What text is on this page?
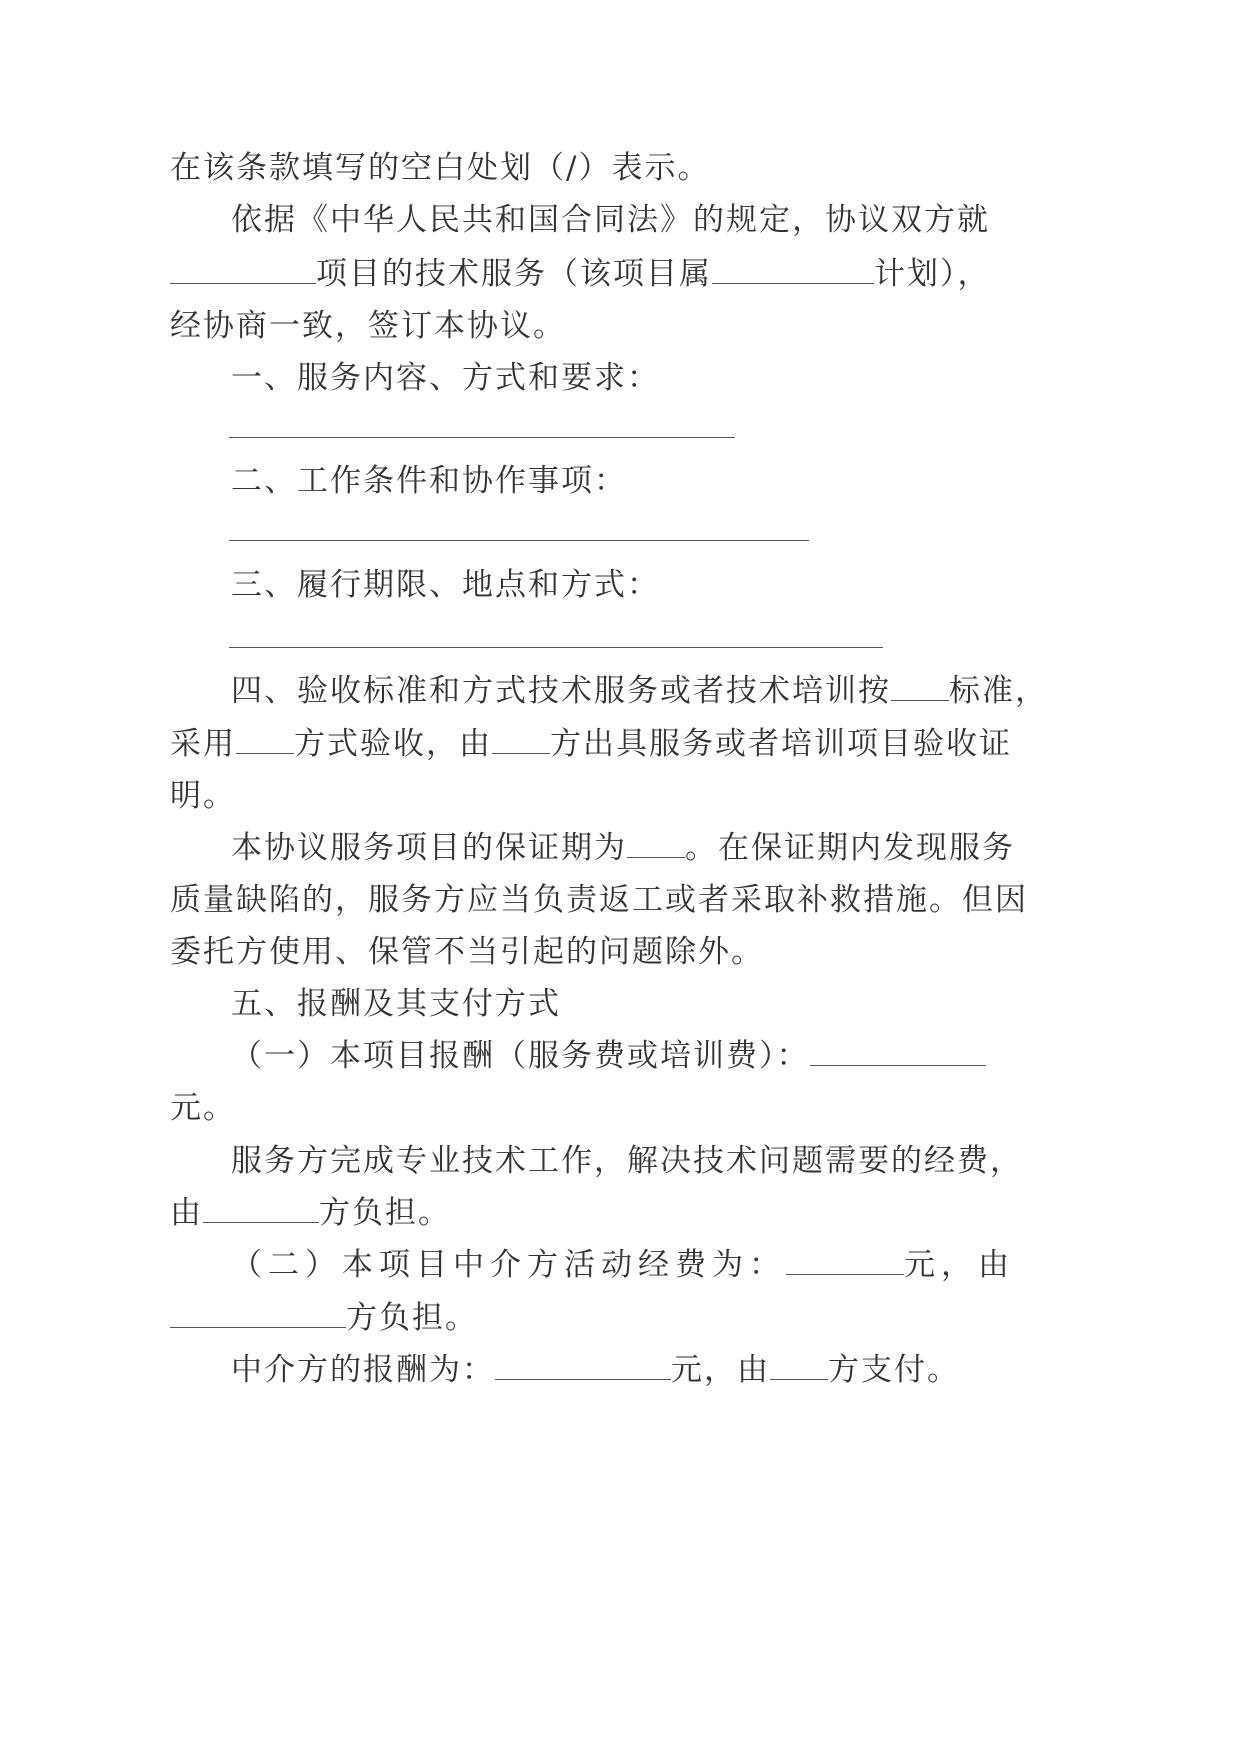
在该条款填写的空白处划（/）表示。
依据《中华人民共和国合同法》的规定，协议双方就
项目的技术服务（该项目属	计划），
经协商一致，签订本协议。
一、服务内容、方式和要求：
二、工作条件和协作事项：
三、履行期限、地点和方式：
四、验收标准和方式技术服务或者技术培训按 标准，
采用 方式验收，由 方出具服务或者培训项目验收证
明。
本协议服务项目的保证期为 。在保证期内发现服务
质量缺陷的，服务方应当负责返工或者采取补救措施。但因
委托方使用、保管不当引起的问题除外。
五、报酬及其支付方式
（一）本项目报酬（服务费或培训费）：
元。
服务方完成专业技术工作，解决技术问题需要的经费，
由	方负担。
（二）本项目中介方活动经费为：	元，由
方负担。
中介方的报酬为：	元，由 方支付。
